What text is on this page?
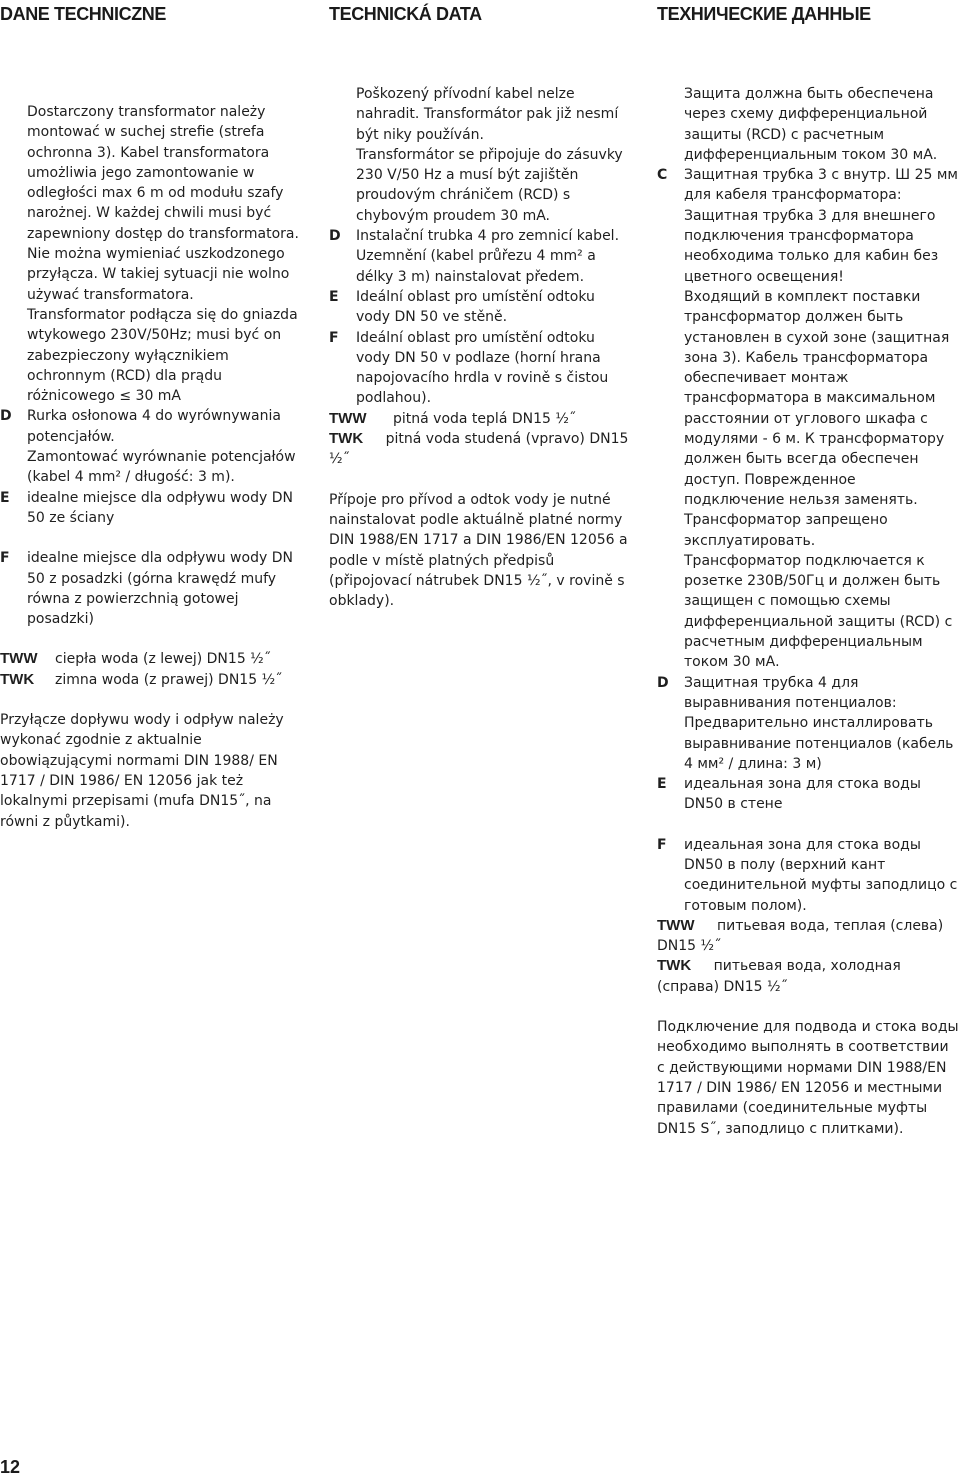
DANE TECHNICZNE	TECHNICKÁ DATA	ТЕХНИЧЕСКИЕ ДАННЫЕ
Dostarczony transformator należy montować w suchej strefie (strefa ochronna 3). Kabel transformatora umożliwia jego zamontowanie w odległości max 6 m od modułu szafy narożnej. W każdej chwili musi być zapewniony dostęp do transformatora. Nie można wymieniać uszkodzonego przyłącza. W takiej sytuacji nie wolno używać transformatora.
Transformator podłącza się do gniazda wtykowego 230V/50Hz; musi być on zabezpieczony wyłącznikiem ochronnym (RCD) dla prądu różnicowego ≤ 30 mA
D Rurka osłonowa 4 do wyrównywania potencjałów.
Zamontować wyrównanie potencjałów (kabel 4 mm² / długość: 3 m).
E idealne miejsce dla odpływu wody DN 50 ze ściany
F idealne miejsce dla odpływu wody DN 50 z posadzki (górna krawędź mufy równa z powierzchnią gotowej posadzki)
TWW ciepła woda (z lewej) DN15 ½˝
TWK zimna woda (z prawej) DN15 ½˝
Przyłącze dopływu wody i odpływ należy wykonać zgodnie z aktualnie obowiązującymi normami DIN 1988/ EN 1717 / DIN 1986/ EN 12056 jak też lokalnymi przepisami (mufa DN15˝, na równi z půytkami).
Poškozený přívodní kabel nelze nahradit. Transformátor pak již nesmí být niky používán.
Transformátor se připojuje do zásuvky 230 V/50 Hz a musí být zajištěn proudovým chráničem (RCD) s chybovým proudem 30 mA.
D Instalační trubka 4 pro zemnicí kabel.
Uzemnění (kabel průřezu 4 mm² a délky 3 m) nainstalovat předem.
E Ideální oblast pro umístění odtoku vody DN 50 ve stěně.
F Ideální oblast pro umístění odtoku vody DN 50 v podlaze (horní hrana napojovacího hrdla v rovině s čistou podlahou).
TWW pitná voda teplá DN15 ½˝
TWK pitná voda studená (vpravo) DN15 ½˝
Přípoje pro přívod a odtok vody je nutné nainstalovat podle aktuálně platné normy DIN 1988/EN 1717 a DIN 1986/EN 12056 a podle v místě platných předpisů (připojovací nátrubek DN15 ½˝, v rovině s obklady).
Защита должна быть обеспечена через схему дифференциальной защиты (RCD) с расчетным дифференциальным током 30 мА.
C Защитная трубка 3 с внутр. Ш 25 мм для кабеля трансформатора:
Защитная трубка 3 для внешнего подключения трансформатора необходима только для кабин без цветного освещения!
Входящий в комплект поставки трансформатор должен быть установлен в сухой зоне (защитная зона 3). Кабель трансформатора обеспечивает монтаж трансформатора в максимальном расстоянии от углового шкафа с модулями - 6 м. К трансформатору должен быть всегда обеспечен доступ. Поврежденное подключение нельзя заменять. Трансформатор запрещено эксплуатировать.
Трансформатор подключается к розетке 230В/50Гц и должен быть защищен с помощью схемы дифференциальной защиты (RCD) с расчетным дифференциальным током 30 мА.
D Защитная трубка 4 для выравнивания потенциалов:
Предварительно инсталлировать выравнивание потенциалов (кабель 4 мм² / длина: 3 м)
E идеальная зона для стока воды DN50 в стене
F идеальная зона для стока воды DN50 в полу (верхний кант соединительной муфты заподлицо с готовым полом).
TWW питьевая вода, теплая (слева) DN15 ½˝
TWK питьевая вода, холодная (справа) DN15 ½˝
Подключение для подвода и стока воды необходимо выполнять в соответствии с действующими нормами DIN 1988/EN 1717 / DIN 1986/ EN 12056 и местными правилами (соединительные муфты DN15 S˝, заподлицо с плитками).
12
